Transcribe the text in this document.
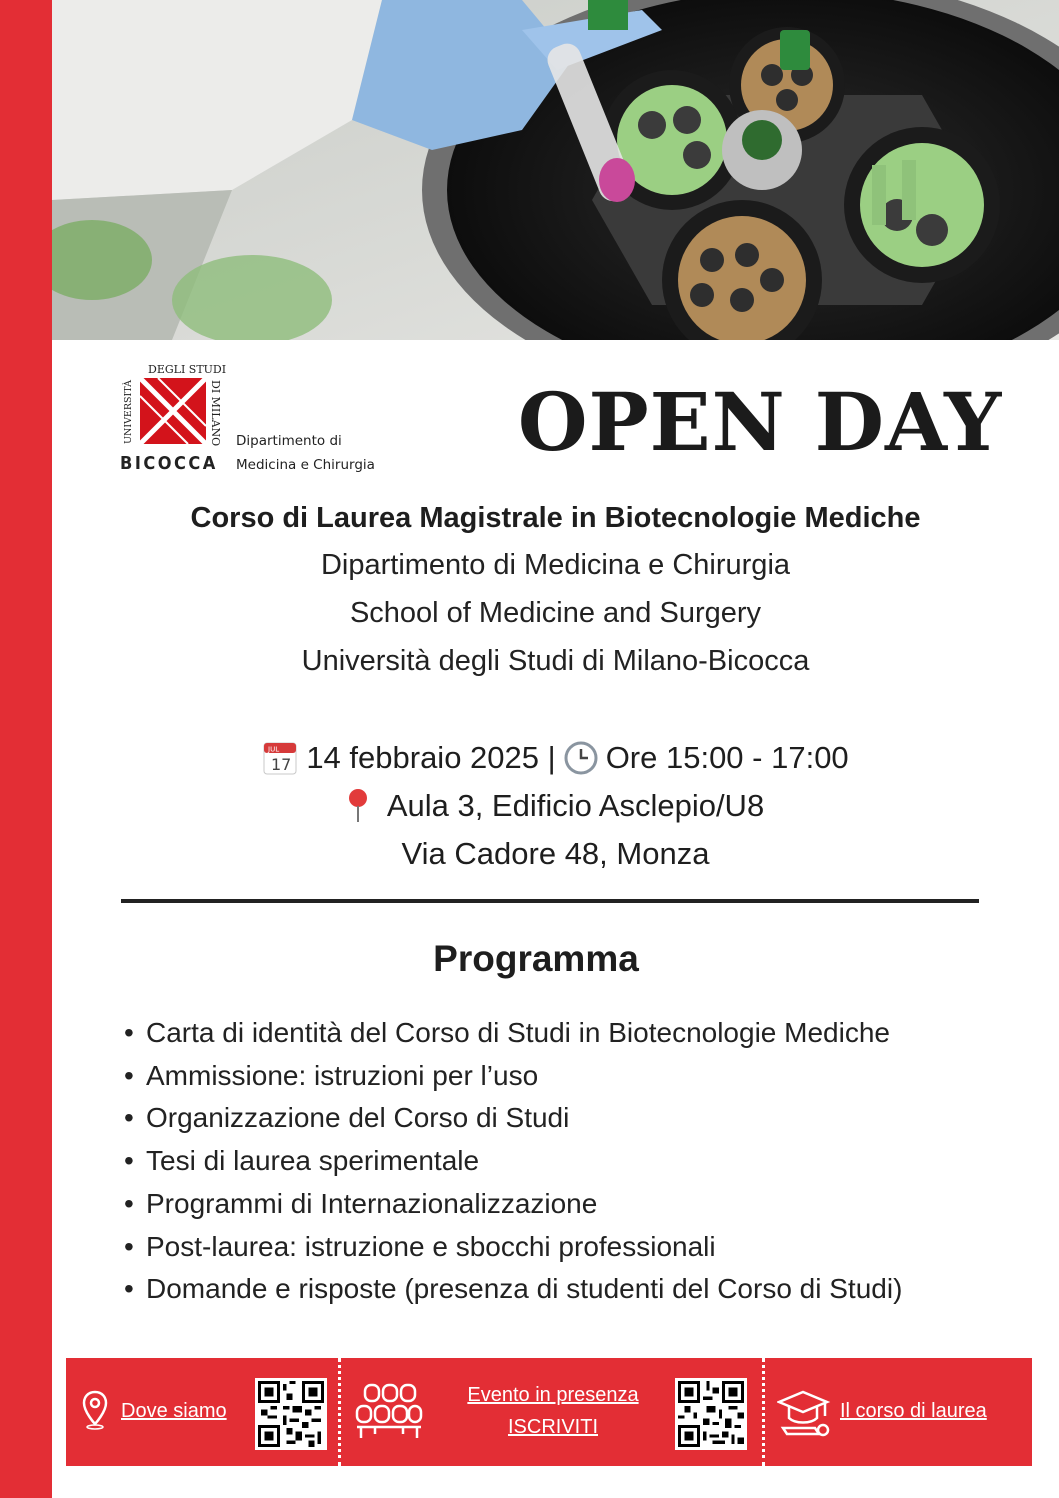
DEGLI STUDI
UNIVERSITÀ	DI MILANO
BICOCCA
Dipartimento di
Medicina e Chirurgia OPEN DAY
Corso di Laurea Magistrale in Biotecnologie Mediche
Dipartimento di Medicina e Chirurgia
School of Medicine and Surgery
Università degli Studi di Milano-Bicocca
JUL
17 14 febbraio 2025 | Ore 15:00 - 17:00
Aula 3, Edificio Asclepio/U8
Via Cadore 48, Monza
Programma
• Carta di identità del Corso di Studi in Biotecnologie Mediche
• Ammissione: istruzioni per l’uso
• Organizzazione del Corso di Studi
• Tesi di laurea sperimentale
• Programmi di Internazionalizzazione
• Post-laurea: istruzione e sbocchi professionali
• Domande e risposte (presenza di studenti del Corso di Studi)
Dove siamo
Evento in presenza
ISCRIVITI
Il corso di laurea
